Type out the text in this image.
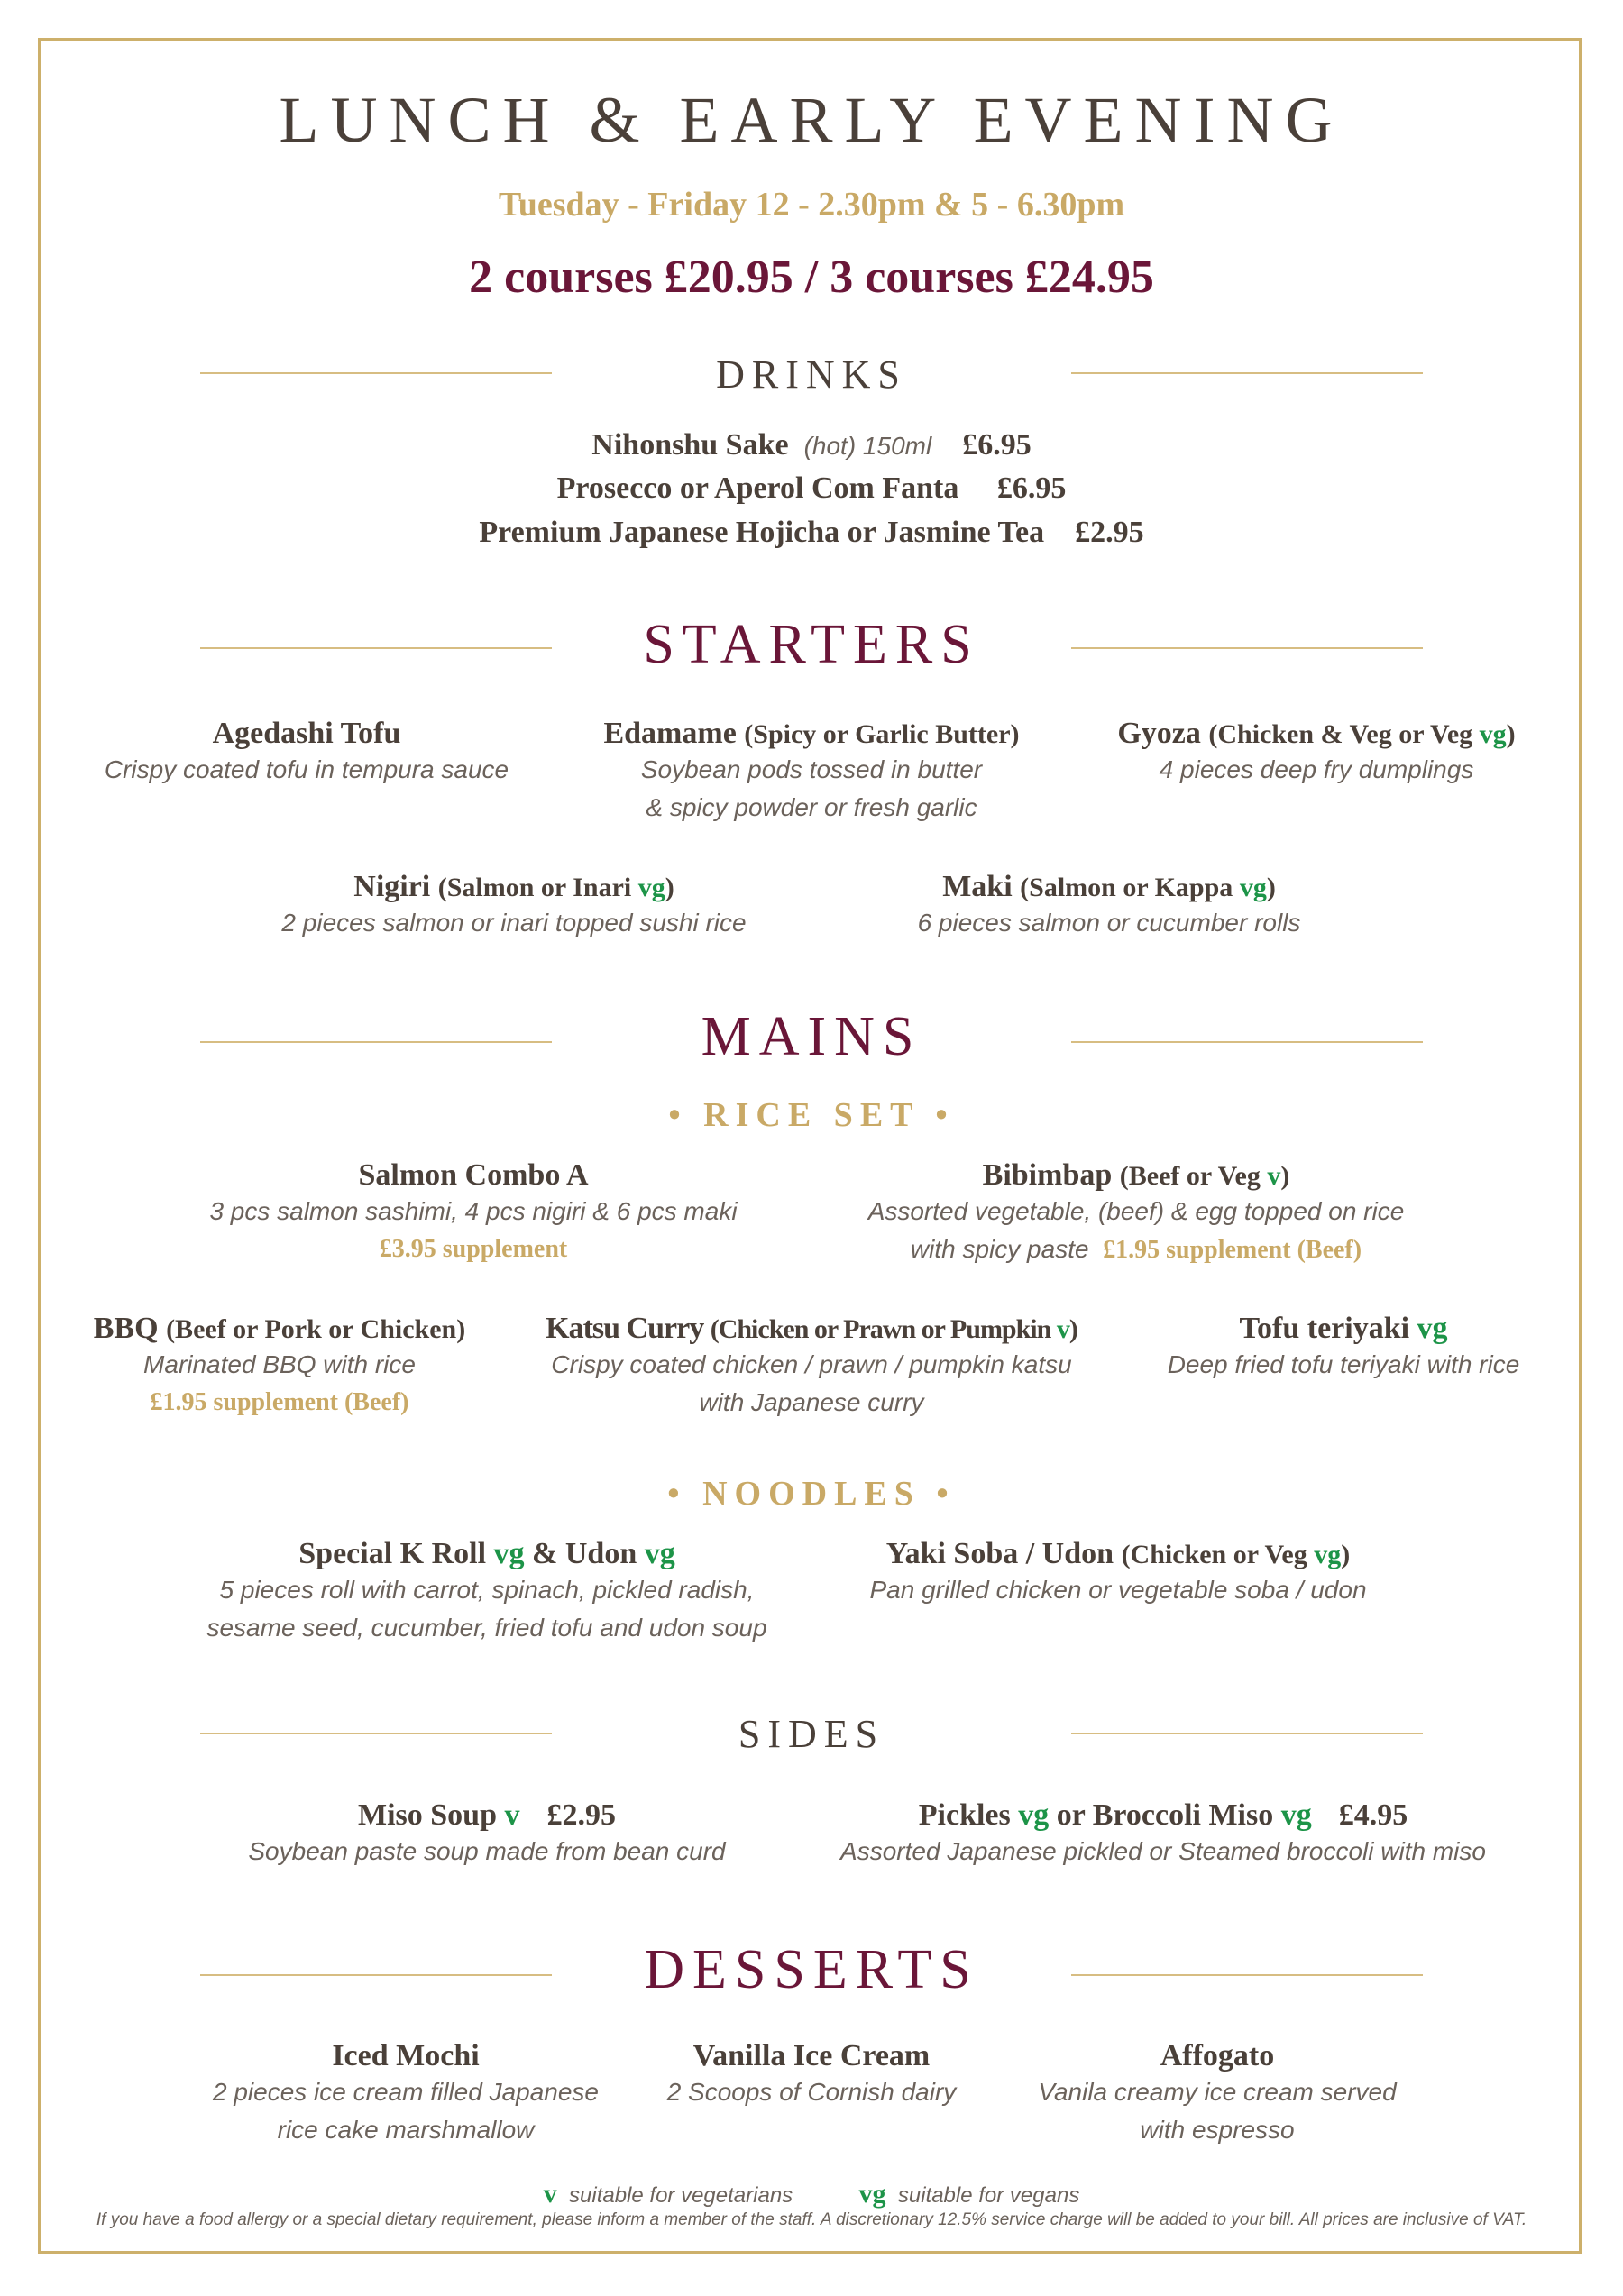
LUNCH & EARLY EVENING
Tuesday - Friday 12 - 2.30pm & 5 - 6.30pm
2 courses £20.95 / 3 courses £24.95
DRINKS
Nihonshu Sake (hot) 150ml £6.95
Prosecco or Aperol Com Fanta £6.95
Premium Japanese Hojicha or Jasmine Tea £2.95
STARTERS
Agedashi Tofu
Crispy coated tofu in tempura sauce
Edamame (Spicy or Garlic Butter)
Soybean pods tossed in butter
& spicy powder or fresh garlic
Gyoza (Chicken & Veg or Veg vg)
4 pieces deep fry dumplings
Nigiri (Salmon or Inari vg)
2 pieces salmon or inari topped sushi rice
Maki (Salmon or Kappa vg)
6 pieces salmon or cucumber rolls
MAINS
• RICE SET •
Salmon Combo A
3 pcs salmon sashimi, 4 pcs nigiri & 6 pcs maki
£3.95 supplement
Bibimbap (Beef or Veg v)
Assorted vegetable, (beef) & egg topped on rice
with spicy paste £1.95 supplement (Beef)
BBQ (Beef or Pork or Chicken)
Marinated BBQ with rice
£1.95 supplement (Beef)
Katsu Curry (Chicken or Prawn or Pumpkin v)
Crispy coated chicken / prawn / pumpkin katsu
with Japanese curry
Tofu teriyaki vg
Deep fried tofu teriyaki with rice
• NOODLES •
Special K Roll vg & Udon vg
5 pieces roll with carrot, spinach, pickled radish,
sesame seed, cucumber, fried tofu and udon soup
Yaki Soba / Udon (Chicken or Veg vg)
Pan grilled chicken or vegetable soba / udon
SIDES
Miso Soup v £2.95
Soybean paste soup made from bean curd
Pickles vg or Broccoli Miso vg £4.95
Assorted Japanese pickled or Steamed broccoli with miso
DESSERTS
Iced Mochi
2 pieces ice cream filled Japanese
rice cake marshmallow
Vanilla Ice Cream
2 Scoops of Cornish dairy
Affogato
Vanila creamy ice cream served
with espresso
v suitable for vegetarians vg suitable for vegans
If you have a food allergy or a special dietary requirement, please inform a member of the staff. A discretionary 12.5% service charge will be added to your bill. All prices are inclusive of VAT.
